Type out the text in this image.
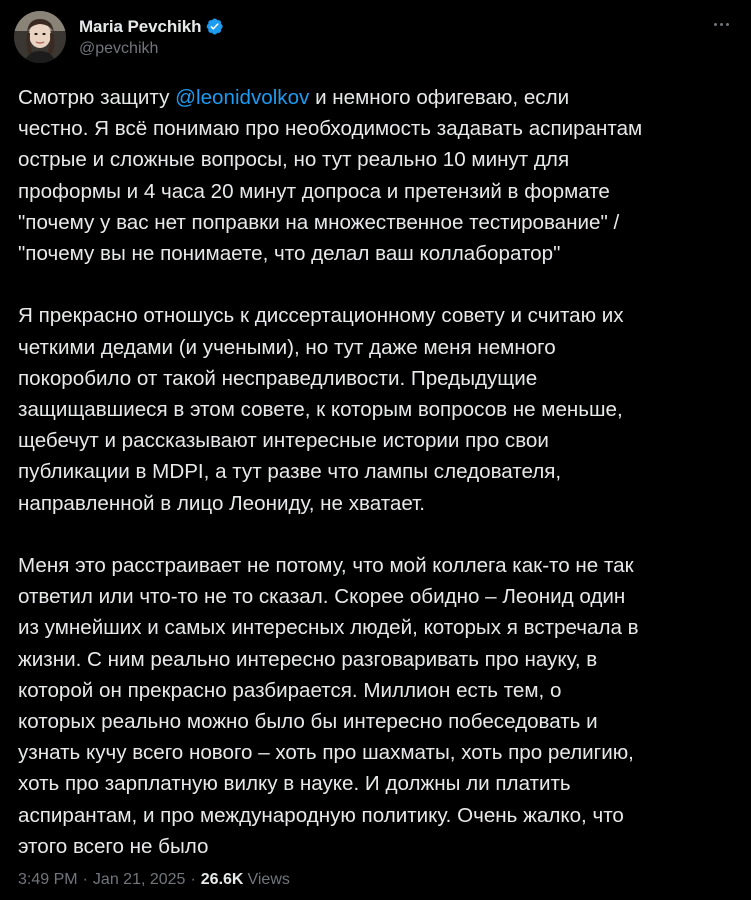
Maria Pevchikh
@pevchikh

Смотрю защиту @leonidvolkov и немного офигеваю, если
честно. Я всё понимаю про необходимость задавать аспирантам
острые и сложные вопросы, но тут реально 10 минут для
проформы и 4 часа 20 минут допроса и претензий в формате
"почему у вас нет поправки на множественное тестирование" /
"почему вы не понимаете, что делал ваш коллаборатор"

Я прекрасно отношусь к диссертационному совету и считаю их
четкими дедами (и учеными), но тут даже меня немного
покоробило от такой несправедливости. Предыдущие
защищавшиеся в этом совете, к которым вопросов не меньше,
щебечут и рассказывают интересные истории про свои
публикации в MDPI, а тут разве что лампы следователя,
направленной в лицо Леониду, не хватает.

Меня это расстраивает не потому, что мой коллега как-то не так
ответил или что-то не то сказал. Скорее обидно – Леонид один
из умнейших и самых интересных людей, которых я встречала в
жизни. С ним реально интересно разговаривать про науку, в
которой он прекрасно разбирается. Миллион есть тем, о
которых реально можно было бы интересно побеседовать и
узнать кучу всего нового – хоть про шахматы, хоть про религию,
хоть про зарплатную вилку в науке. И должны ли платить
аспирантам, и про международную политику. Очень жалко, что
этого всего не было

3:49 PM · Jan 21, 2025 · 26.6K Views
